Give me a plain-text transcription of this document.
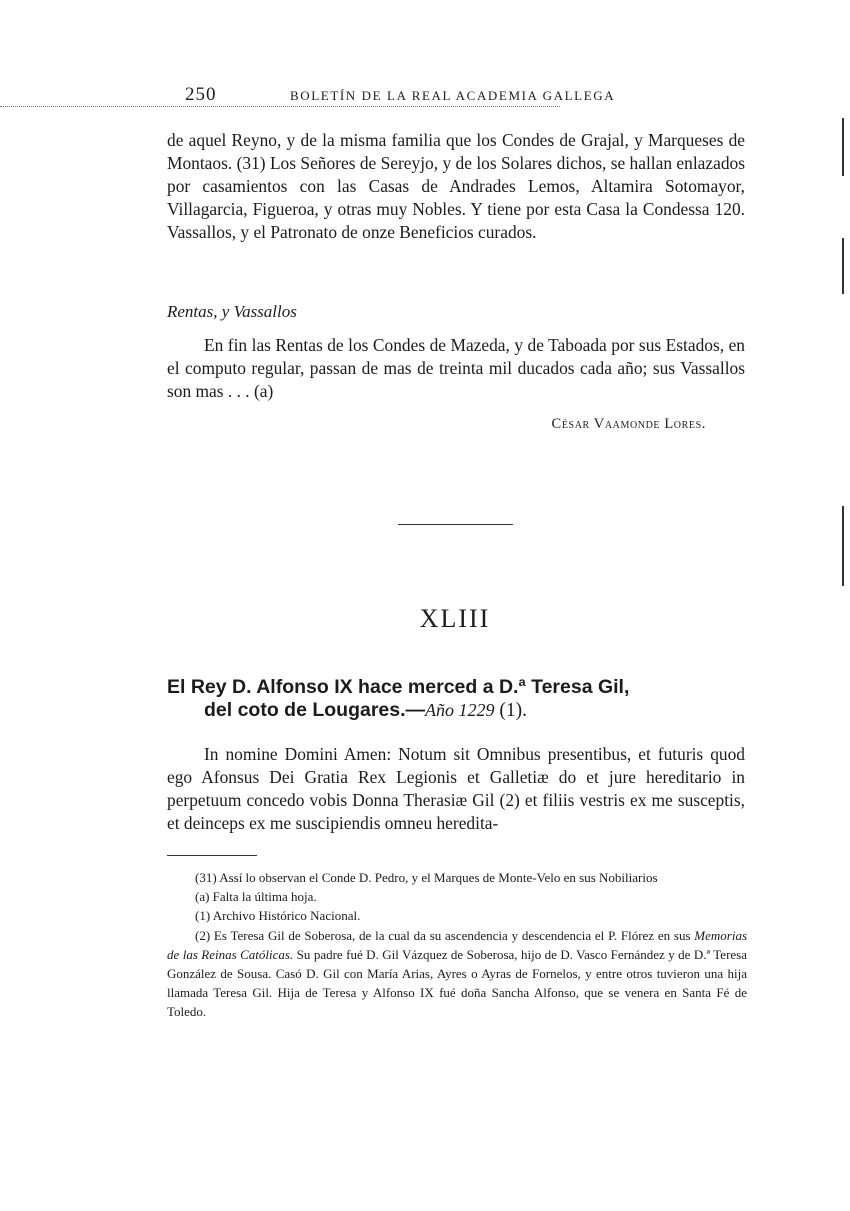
250	BOLETÍN DE LA REAL ACADEMIA GALLEGA

de aquel Reyno, y de la misma familia que los Condes de Grajal, y Marqueses de Montaos. (31) Los Señores de Sereyjo, y de los Solares dichos, se hallan enlazados por casamientos con las Casas de Andrades Lemos, Altamira Sotomayor, Villagarcia, Figueroa, y otras muy Nobles. Y tiene por esta Casa la Condessa 120. Vassallos, y el Patronato de onze Beneficios curados.

Rentas, y Vassallos

En fin las Rentas de los Condes de Mazeda, y de Taboada por sus Estados, en el computo regular, passan de mas de treinta mil ducados cada año; sus Vassallos son mas . . . (a)

César Vaamonde Lores.
XLIII
El Rey D. Alfonso IX hace merced a D.ª Teresa Gil,
del coto de Lougares.—Año 1229 (1).

In nomine Domini Amen: Notum sit Omnibus presentibus, et futuris quod ego Afonsus Dei Gratia Rex Legionis et Galletiæ do et jure hereditario in perpetuum concedo vobis Donna Therasiæ Gil (2) et filiis vestris ex me susceptis, et deinceps ex me suscipiendis omneu heredita-

(31) Assí lo observan el Conde D. Pedro, y el Marques de Monte-Velo en sus Nobiliarios

(a) Falta la última hoja.

(1) Archivo Histórico Nacional.

(2) Es Teresa Gil de Soberosa, de la cual da su ascendencia y descendencia el P. Flórez en sus Memorias de las Reinas Católicas. Su padre fué D. Gil Vázquez de Soberosa, hijo de D. Vasco Fernández y de D.ª Teresa González de Sousa. Casó D. Gil con María Arias, Ayres o Ayras de Fornelos, y entre otros tuvieron una hija llamada Teresa Gil. Hija de Teresa y Alfonso IX fué doña Sancha Alfonso, que se venera en Santa Fé de Toledo.
